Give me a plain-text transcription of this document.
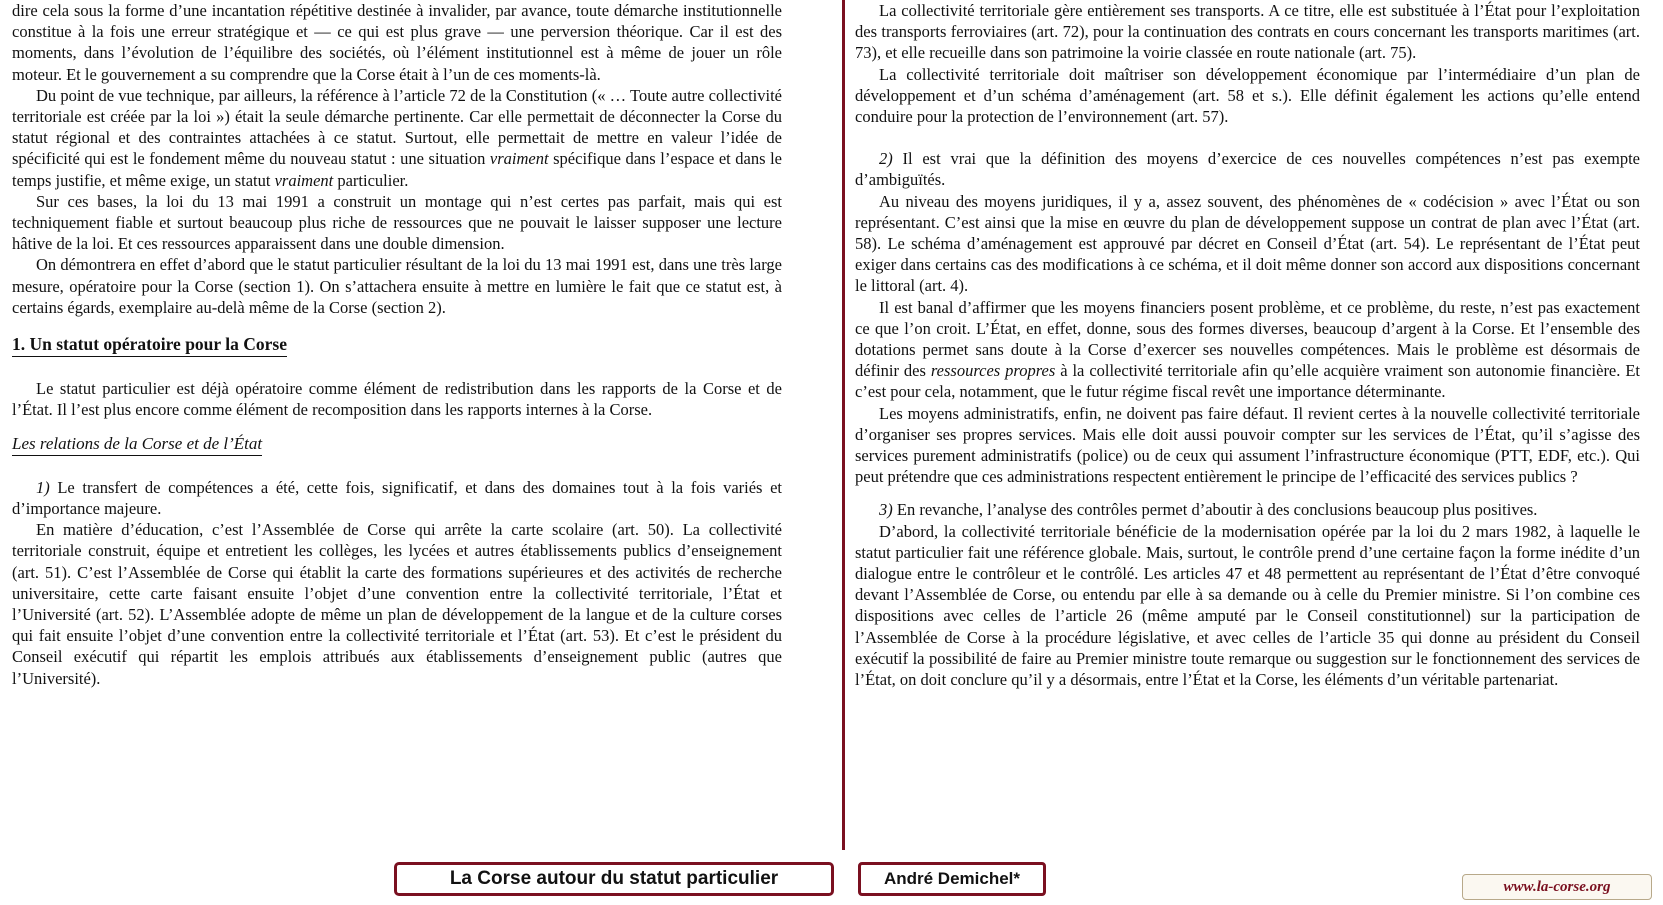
dire cela sous la forme d’une incantation répétitive destinée à invalider, par avance, toute démarche institutionnelle constitue à la fois une erreur stratégique et — ce qui est plus grave — une perversion théorique. Car il est des moments, dans l’évolution de l’équilibre des sociétés, où l’élément institutionnel est à même de jouer un rôle moteur. Et le gouvernement a su comprendre que la Corse était à l’un de ces moments-là.

Du point de vue technique, par ailleurs, la référence à l’article 72 de la Constitution (« … Toute autre collectivité territoriale est créée par la loi ») était la seule démarche pertinente. Car elle permettait de déconnecter la Corse du statut régional et des contraintes attachées à ce statut. Surtout, elle permettait de mettre en valeur l’idée de spécificité qui est le fondement même du nouveau statut : une situation vraiment spécifique dans l’espace et dans le temps justifie, et même exige, un statut vraiment particulier.

Sur ces bases, la loi du 13 mai 1991 a construit un montage qui n’est certes pas parfait, mais qui est techniquement fiable et surtout beaucoup plus riche de ressources que ne pouvait le laisser supposer une lecture hâtive de la loi. Et ces ressources apparaissent dans une double dimension.

On démontrera en effet d’abord que le statut particulier résultant de la loi du 13 mai 1991 est, dans une très large mesure, opératoire pour la Corse (section 1). On s’attachera ensuite à mettre en lumière le fait que ce statut est, à certains égards, exemplaire au-delà même de la Corse (section 2).

1. Un statut opératoire pour la Corse

Le statut particulier est déjà opératoire comme élément de redistribution dans les rapports de la Corse et de l’État. Il l’est plus encore comme élément de recomposition dans les rapports internes à la Corse.

Les relations de la Corse et de l’État

1) Le transfert de compétences a été, cette fois, significatif, et dans des domaines tout à la fois variés et d’importance majeure.

En matière d’éducation, c’est l’Assemblée de Corse qui arrête la carte scolaire (art. 50). La collectivité territoriale construit, équipe et entretient les collèges, les lycées et autres établissements publics d’enseignement (art. 51). C’est l’Assemblée de Corse qui établit la carte des formations supérieures et des activités de recherche universitaire, cette carte faisant ensuite l’objet d’une convention entre la collectivité territoriale, l’État et l’Université (art. 52). L’Assemblée adopte de même un plan de développement de la langue et de la culture corses qui fait ensuite l’objet d’une convention entre la collectivité territoriale et l’État (art. 53). Et c’est le président du Conseil exécutif qui répartit les emplois attribués aux établissements d’enseignement public (autres que l’Université).

La collectivité territoriale gère entièrement ses transports. A ce titre, elle est substituée à l’État pour l’exploitation des transports ferroviaires (art. 72), pour la continuation des contrats en cours concernant les transports maritimes (art. 73), et elle recueille dans son patrimoine la voirie classée en route nationale (art. 75).

La collectivité territoriale doit maîtriser son développement économique par l’intermédiaire d’un plan de développement et d’un schéma d’aménagement (art. 58 et s.). Elle définit également les actions qu’elle entend conduire pour la protection de l’environnement (art. 57).

2) Il est vrai que la définition des moyens d’exercice de ces nouvelles compétences n’est pas exempte d’ambiguïtés.

Au niveau des moyens juridiques, il y a, assez souvent, des phénomènes de « codécision » avec l’État ou son représentant. C’est ainsi que la mise en œuvre du plan de développement suppose un contrat de plan avec l’État (art. 58). Le schéma d’aménagement est approuvé par décret en Conseil d’État (art. 54). Le représentant de l’État peut exiger dans certains cas des modifications à ce schéma, et il doit même donner son accord aux dispositions concernant le littoral (art. 4).

Il est banal d’affirmer que les moyens financiers posent problème, et ce problème, du reste, n’est pas exactement ce que l’on croit. L’État, en effet, donne, sous des formes diverses, beaucoup d’argent à la Corse. Et l’ensemble des dotations permet sans doute à la Corse d’exercer ses nouvelles compétences. Mais le problème est désormais de définir des ressources propres à la collectivité territoriale afin qu’elle acquière vraiment son autonomie financière. Et c’est pour cela, notamment, que le futur régime fiscal revêt une importance déterminante.

Les moyens administratifs, enfin, ne doivent pas faire défaut. Il revient certes à la nouvelle collectivité territoriale d’organiser ses propres services. Mais elle doit aussi pouvoir compter sur les services de l’État, qu’il s’agisse des services purement administratifs (police) ou de ceux qui assument l’infrastructure économique (PTT, EDF, etc.). Qui peut prétendre que ces administrations respectent entièrement le principe de l’efficacité des services publics ?

3) En revanche, l’analyse des contrôles permet d’aboutir à des conclusions beaucoup plus positives.

D’abord, la collectivité territoriale bénéficie de la modernisation opérée par la loi du 2 mars 1982, à laquelle le statut particulier fait une référence globale. Mais, surtout, le contrôle prend d’une certaine façon la forme inédite d’un dialogue entre le contrôleur et le contrôlé. Les articles 47 et 48 permettent au représentant de l’État d’être convoqué devant l’Assemblée de Corse, ou entendu par elle à sa demande ou à celle du Premier ministre. Si l’on combine ces dispositions avec celles de l’article 26 (même amputé par le Conseil constitutionnel) sur la participation de l’Assemblée de Corse à la procédure législative, et avec celles de l’article 35 qui donne au président du Conseil exécutif la possibilité de faire au Premier ministre toute remarque ou suggestion sur le fonctionnement des services de l’État, on doit conclure qu’il y a désormais, entre l’État et la Corse, les éléments d’un véritable partenariat.

La Corse autour du statut particulier	André Demichel*	www.la-corse.org
